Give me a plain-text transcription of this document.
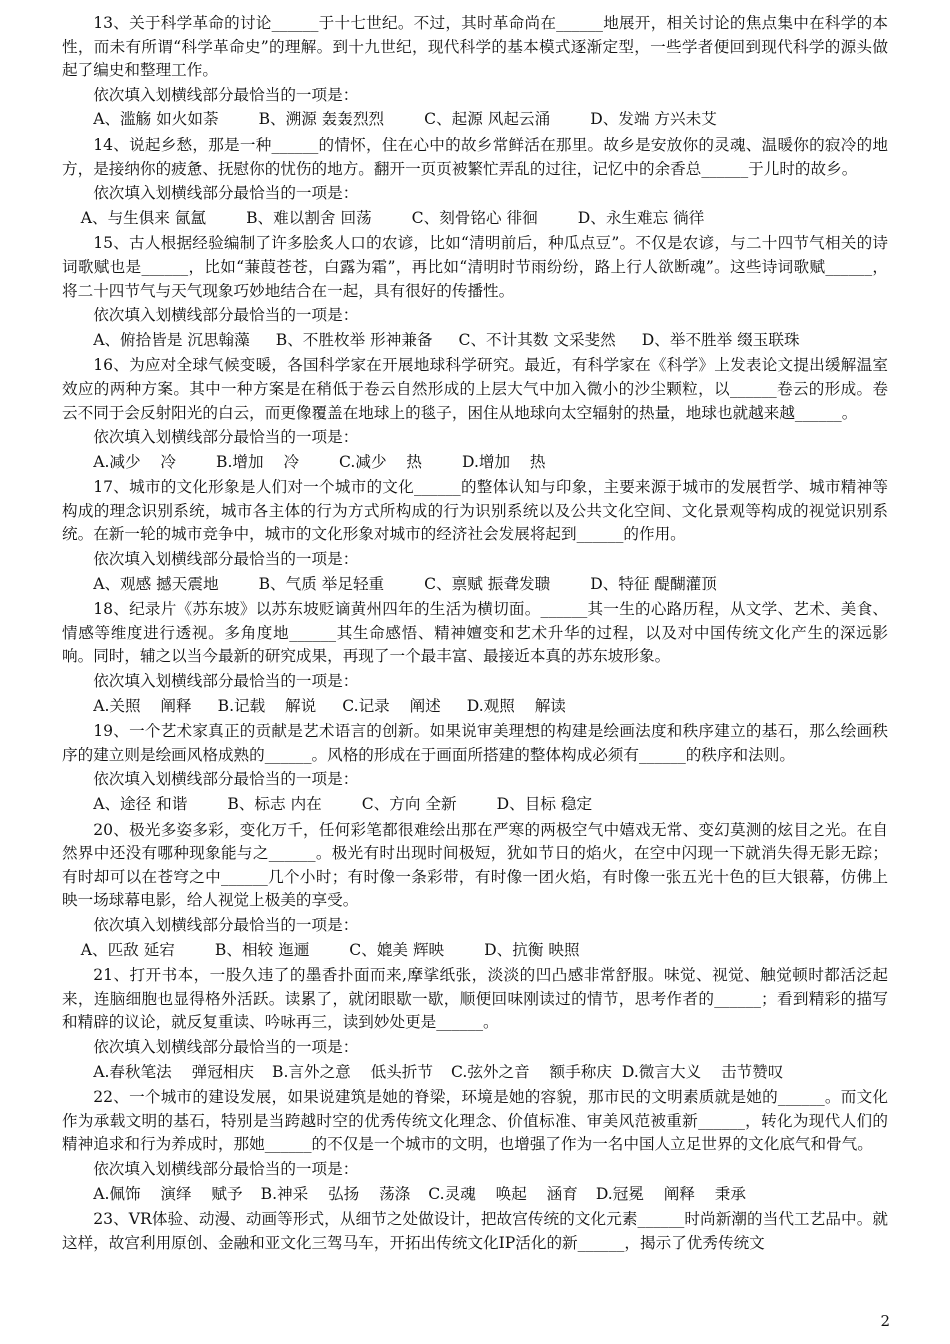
13、关于科学革命的讨论______于十七世纪。不过，其时革命尚在______地展开，相关讨论的焦点集中在科学的本性，而未有所谓“科学革命史”的理解。到十九世纪，现代科学的基本模式逐渐定型，一些学者便回到现代科学的源头做起了编史和整理工作。

依次填入划横线部分最恰当的一项是：

A、滥觞 如火如荼	B、溯源 轰轰烈烈	C、起源 风起云涌	D、发端 方兴未艾

14、说起乡愁，那是一种______的情怀，住在心中的故乡常鲜活在那里。故乡是安放你的灵魂、温暖你的寂冷的地方，是接纳你的疲惫、抚慰你的忧伤的地方。翻开一页页被繁忙弄乱的过往，记忆中的余香总______于儿时的故乡。

依次填入划横线部分最恰当的一项是：

A、与生俱来 氤氲	B、难以割舍 回荡	C、刻骨铭心 徘徊	D、永生难忘 徜徉

15、古人根据经验编制了许多脍炙人口的农谚，比如“清明前后，种瓜点豆”。不仅是农谚，与二十四节气相关的诗词歌赋也是______，比如“蒹葭苍苍，白露为霜”，再比如“清明时节雨纷纷，路上行人欲断魂”。这些诗词歌赋______，将二十四节气与天气现象巧妙地结合在一起，具有很好的传播性。

依次填入划横线部分最恰当的一项是：

A、俯拾皆是 沉思翰藻 B、不胜枚举 形神兼备 C、不计其数 文采斐然 D、举不胜举 缀玉联珠

16、为应对全球气候变暖，各国科学家在开展地球科学研究。最近，有科学家在《科学》上发表论文提出缓解温室效应的两种方案。其中一种方案是在稍低于卷云自然形成的上层大气中加入微小的沙尘颗粒，以______卷云的形成。卷云不同于会反射阳光的白云，而更像覆盖在地球上的毯子，困住从地球向太空辐射的热量，地球也就越来越______。

依次填入划横线部分最恰当的一项是：

A.减少    冷	B.增加    冷	C.减少    热	D.增加    热

17、城市的文化形象是人们对一个城市的文化______的整体认知与印象，主要来源于城市的发展哲学、城市精神等构成的理念识别系统，城市各主体的行为方式所构成的行为识别系统以及公共文化空间、文化景观等构成的视觉识别系统。在新一轮的城市竞争中，城市的文化形象对城市的经济社会发展将起到______的作用。

依次填入划横线部分最恰当的一项是：

A、观感 撼天震地	B、气质 举足轻重	C、禀赋 振聋发聩	D、特征 醍醐灌顶

18、纪录片《苏东坡》以苏东坡贬谪黄州四年的生活为横切面。______其一生的心路历程，从文学、艺术、美食、情感等维度进行透视。多角度地______其生命感悟、精神嬗变和艺术升华的过程，以及对中国传统文化产生的深远影响。同时，辅之以当今最新的研究成果，再现了一个最丰富、最接近本真的苏东坡形象。

依次填入划横线部分最恰当的一项是：

A.关照    阐释 B.记载    解说 C.记录    阐述 D.观照    解读

19、一个艺术家真正的贡献是艺术语言的创新。如果说审美理想的构建是绘画法度和秩序建立的基石，那么绘画秩序的建立则是绘画风格成熟的______。风格的形成在于画面所搭建的整体构成必须有______的秩序和法则。

依次填入划横线部分最恰当的一项是：

A、途径 和谐	B、标志 内在	C、方向 全新	D、目标 稳定

20、极光多姿多彩，变化万千，任何彩笔都很难绘出那在严寒的两极空气中嬉戏无常、变幻莫测的炫目之光。在自然界中还没有哪种现象能与之______。极光有时出现时间极短，犹如节日的焰火，在空中闪现一下就消失得无影无踪；有时却可以在苍穹之中______几个小时；有时像一条彩带，有时像一团火焰，有时像一张五光十色的巨大银幕，仿佛上映一场球幕电影，给人视觉上极美的享受。

依次填入划横线部分最恰当的一项是：

A、匹敌 延宕	B、相较 迤逦	C、媲美 辉映	D、抗衡 映照

21、打开书本，一股久违了的墨香扑面而来,摩挲纸张，淡淡的凹凸感非常舒服。味觉、视觉、触觉顿时都活泛起来，连脑细胞也显得格外活跃。读累了，就闭眼歇一歇，顺便回味刚读过的情节，思考作者的______；看到精彩的描写和精辟的议论，就反复重读、吟咏再三，读到妙处更是______。

依次填入划横线部分最恰当的一项是：

A.春秋笔法    弹冠相庆 B.言外之意    低头折节 C.弦外之音    额手称庆 D.微言大义    击节赞叹

22、一个城市的建设发展，如果说建筑是她的脊梁，环境是她的容貌，那市民的文明素质就是她的______。而文化作为承载文明的基石，特别是当跨越时空的优秀传统文化理念、价值标准、审美风范被重新______，转化为现代人们的精神追求和行为养成时，那她______的不仅是一个城市的文明，也增强了作为一名中国人立足世界的文化底气和骨气。

依次填入划横线部分最恰当的一项是：

A.佩饰    演绎    赋予 B.神采    弘扬    荡涤 C.灵魂    唤起    涵育 D.冠冕    阐释    秉承

23、VR体验、动漫、动画等形式，从细节之处做设计，把故宫传统的文化元素______时尚新潮的当代工艺品中。就这样，故宫利用原创、金融和亚文化三驾马车，开拓出传统文化IP活化的新______，揭示了优秀传统文

2
